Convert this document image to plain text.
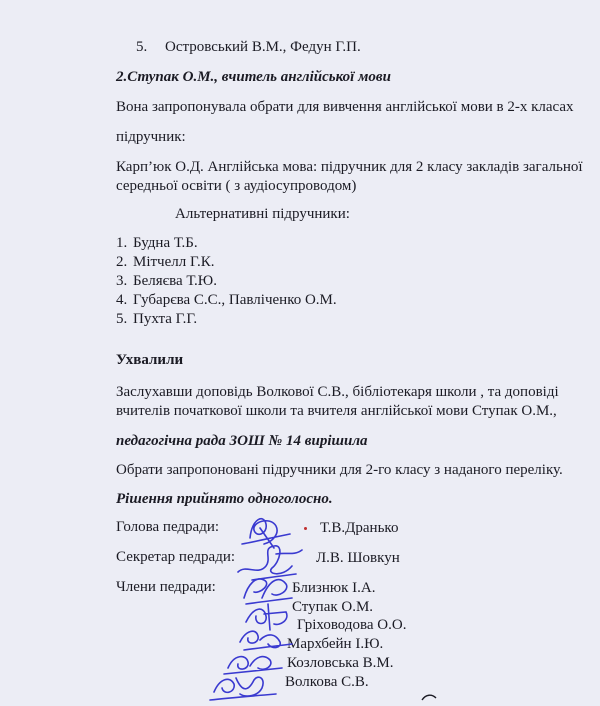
5. Островський В.М., Федун Г.П.
2.Ступак О.М., вчитель англійської мови
Вона запропонувала обрати для вивчення англійської мови в 2-х класах
підручник:
Карп’юк О.Д. Англійська мова: підручник для 2 класу закладів загальної
середньої освіти ( з аудіосупроводом)
Альтернативні підручники:
1. Будна Т.Б.
2. Мітчелл Г.К.
3. Беляєва Т.Ю.
4. Губарєва С.С., Павліченко О.М.
5. Пухта Г.Г.
Ухвалили
Заслухавши доповідь Волкової С.В., бібліотекаря школи , та доповіді
вчителів початкової школи та вчителя англійської мови Ступак О.М.,
педагогічна рада ЗОШ № 14 вирішила
Обрати запропоновані підручники для 2-го класу з наданого переліку.
Рішення прийнято одноголосно.
Голова педради:	Т.В.Дранько
Секретар педради:	Л.В. Шовкун
Члени педради:	Близнюк І.А.
Ступак О.М.
Гріховодова О.О.
Мархбейн І.Ю.
Козловська В.М.
Волкова С.В.
